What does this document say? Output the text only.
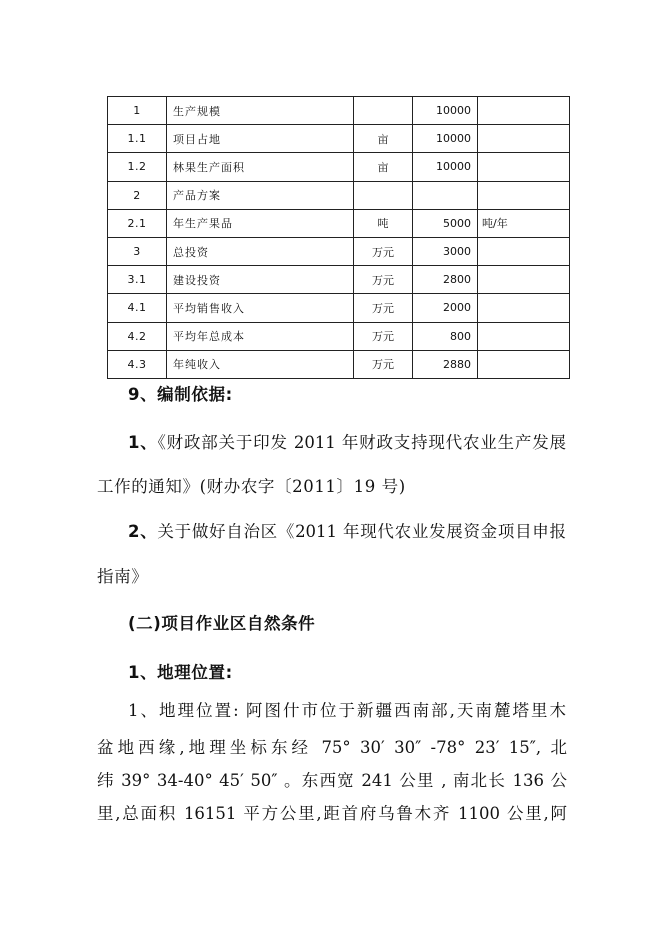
1	生产规模		10000	
1.1	项目占地	亩	10000	
1.2	林果生产面积	亩	10000	
2	产品方案			
2.1	年生产果品	吨	5000	吨/年
3	总投资	万元	3000	
3.1	建设投资	万元	2800	
4.1	平均销售收入	万元	2000	
4.2	平均年总成本	万元	800	
4.3	年纯收入	万元	2880	
9、编制依据:
1、《财政部关于印发 2011 年财政支持现代农业生产发展
工作的通知》(财办农字〔2011〕19 号)
2、关于做好自治区《2011 年现代农业发展资金项目申报
指南》
(二)项目作业区自然条件
1、地理位置:
1、地理位置: 阿图什市位于新疆西南部,天南麓塔里木
盆地西缘,地理坐标东经 75° 30′ 30″ -78° 23′ 15″, 北
纬 39° 34-40° 45′ 50″ 。东西宽 241 公里 , 南北长 136 公
里,总面积 16151 平方公里,距首府乌鲁木齐 1100 公里,阿
